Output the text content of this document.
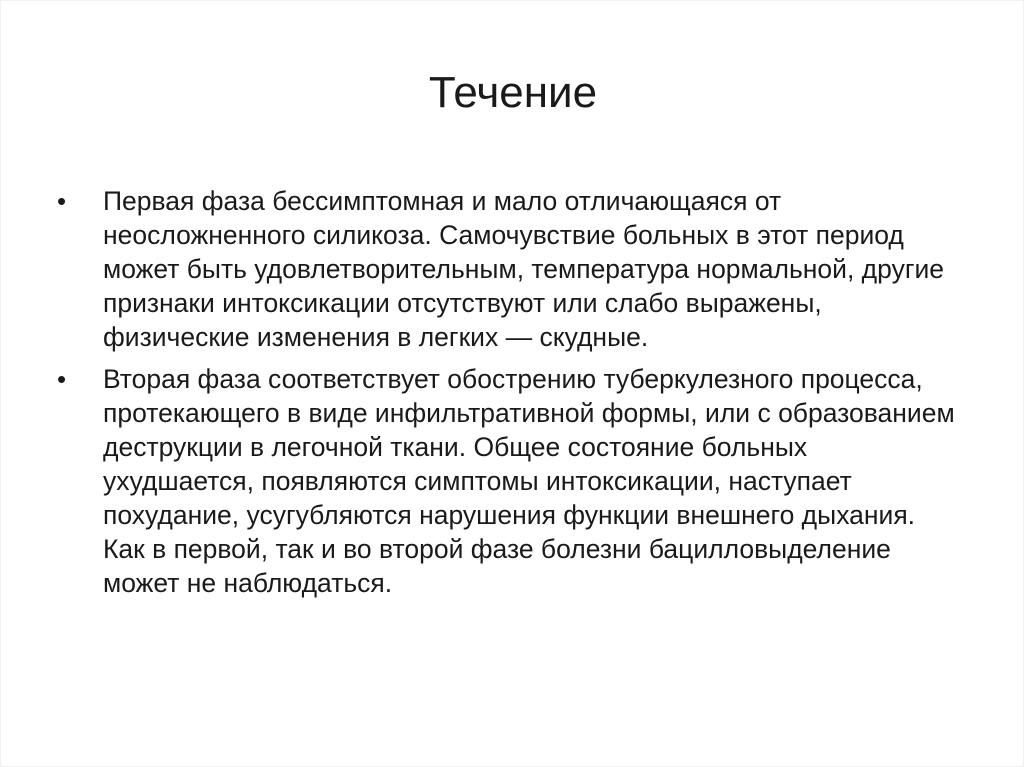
Течение
• Первая фаза бессимптомная и мало отличающаяся от неосложненного силикоза. Самочувствие больных в этот период может быть удовлетворительным, температура нормальной, другие признаки интоксикации отсутствуют или слабо выражены, физические изменения в легких — скудные.
• Вторая фаза соответствует обострению туберкулезного процесса, протекающего в виде инфильтративной формы, или с образованием деструкции в легочной ткани. Общее состояние больных ухудшается, появляются симптомы интоксикации, наступает похудание, усугубляются нарушения функции внешнего дыхания. Как в первой, так и во второй фазе болезни бацилловыделение может не наблюдаться.
